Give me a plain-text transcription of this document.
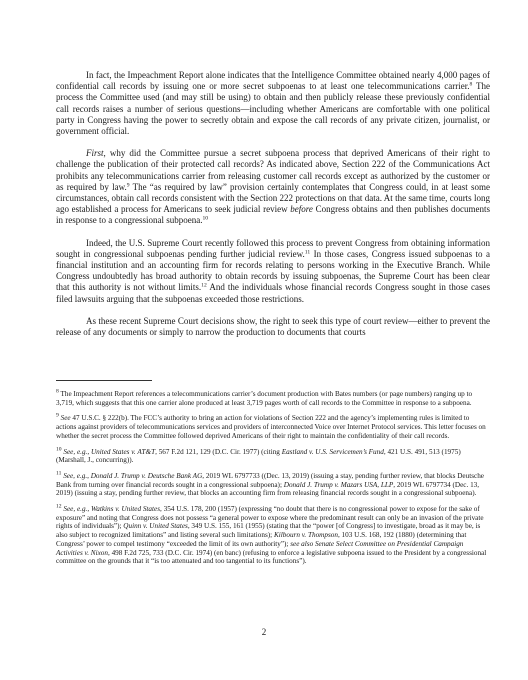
In fact, the Impeachment Report alone indicates that the Intelligence Committee obtained nearly 4,000 pages of confidential call records by issuing one or more secret subpoenas to at least one telecommunications carrier.$^8$ The process the Committee used (and may still be using) to obtain and then publicly release these previously confidential call records raises a number of serious questions—including whether Americans are comfortable with one political party in Congress having the power to secretly obtain and expose the call records of any private citizen, journalist, or government official.

First, why did the Committee pursue a secret subpoena process that deprived Americans of their right to challenge the publication of their protected call records? As indicated above, Section 222 of the Communications Act prohibits any telecommunications carrier from releasing customer call records except as authorized by the customer or as required by law.$^9$ The “as required by law” provision certainly contemplates that Congress could, in at least some circumstances, obtain call records consistent with the Section 222 protections on that data. At the same time, courts long ago established a process for Americans to seek judicial review before Congress obtains and then publishes documents in response to a congressional subpoena.$^{10}$

Indeed, the U.S. Supreme Court recently followed this process to prevent Congress from obtaining information sought in congressional subpoenas pending further judicial review.$^{11}$ In those cases, Congress issued subpoenas to a financial institution and an accounting firm for records relating to persons working in the Executive Branch. While Congress undoubtedly has broad authority to obtain records by issuing subpoenas, the Supreme Court has been clear that this authority is not without limits.$^{12}$ And the individuals whose financial records Congress sought in those cases filed lawsuits arguing that the subpoenas exceeded those restrictions.

As these recent Supreme Court decisions show, the right to seek this type of court review—either to prevent the release of any documents or simply to narrow the production to documents that courts

$^8$ The Impeachment Report references a telecommunications carrier’s document production with Bates numbers (or page numbers) ranging up to 3,719, which suggests that this one carrier alone produced at least 3,719 pages worth of call records to the Committee in response to a subpoena.

$^9$ See 47 U.S.C. § 222(b). The FCC’s authority to bring an action for violations of Section 222 and the agency’s implementing rules is limited to actions against providers of telecommunications services and providers of interconnected Voice over Internet Protocol services. This letter focuses on whether the secret process the Committee followed deprived Americans of their right to maintain the confidentiality of their call records.

$^{10}$ See, e.g., United States v. AT&T, 567 F.2d 121, 129 (D.C. Cir. 1977) (citing Eastland v. U.S. Servicemen’s Fund, 421 U.S. 491, 513 (1975) (Marshall, J., concurring)).

$^{11}$ See, e.g., Donald J. Trump v. Deutsche Bank AG, 2019 WL 6797733 ((Dec. 13, 2019) (issuing a stay, pending further review, that blocks Deutsche Bank from turning over financial records sought in a congressional subpoena); Donald J. Trump v. Mazars USA, LLP, 2019 WL 6797734 (Dec. 13, 2019) (issuing a stay, pending further review, that blocks an accounting firm from releasing financial records sought in a congressional subpoena).

$^{12}$ See, e.g., Watkins v. United States, 354 U.S. 178, 200 (1957) (expressing “no doubt that there is no congressional power to expose for the sake of exposure” and noting that Congress does not possess “a general power to expose where the predominant result can only be an invasion of the private rights of individuals”); Quinn v. United States, 349 U.S. 155, 161 (1955) (stating that the “power [of Congress] to investigate, broad as it may be, is also subject to recognized limitations” and listing several such limitations); Kilbourn v. Thompson, 103 U.S. 168, 192 (1880) (determining that Congress’ power to compel testimony “exceeded the limit of its own authority”); see also Senate Select Committee on Presidential Campaign Activities v. Nixon, 498 F.2d 725, 733 (D.C. Cir. 1974) (en banc) (refusing to enforce a legislative subpoena issued to the President by a congressional committee on the grounds that it “is too attenuated and too tangential to its functions”).

2
